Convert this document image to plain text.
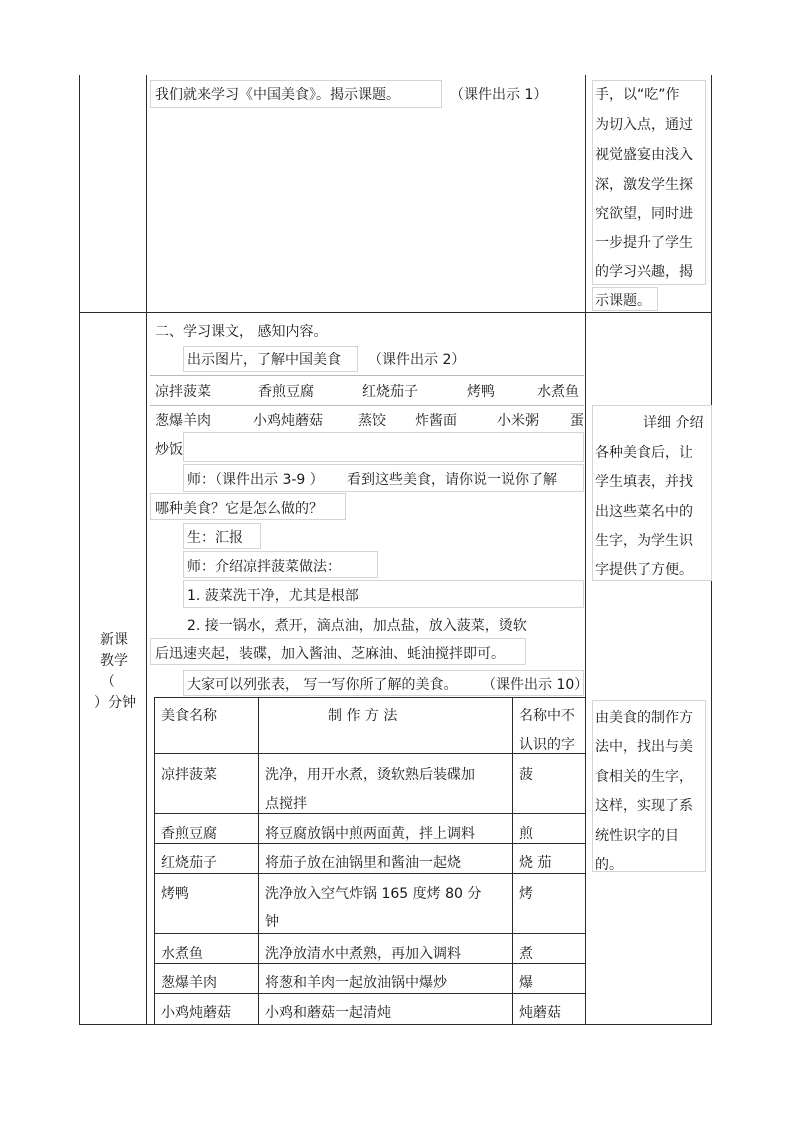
新课
教学
（
）分钟
我们就来学习《中国美食》。揭示课题。	（课件出示 1）	手，以“吃”作
为切入点，通过
视觉盛宴由浅入
深，激发学生探
究欲望，同时进
一步提升了学生
的学习兴趣，揭
示课题。
二、学习课文， 感知内容。
出示图片，了解中国美食 （课件出示 2）
凉拌菠菜	香煎豆腐	红烧茄子	烤鸭	水煮鱼
葱爆羊肉	小鸡炖蘑菇	蒸饺 炸酱面	小米粥 蛋
炒饭
师：（课件出示 3-9 ） 看到这些美食，请你说一说你了解
哪种美食？它是怎么做的？
生：汇报
师：介绍凉拌菠菜做法：
1. 菠菜洗干净，尤其是根部
2. 接一锅水，煮开，滴点油，加点盐，放入菠菜，烫软
后迅速夹起，装碟，加入酱油、芝麻油、蚝油搅拌即可。
大家可以列张表， 写一写你所了解的美食。 （课件出示 10）
详细 介绍
各种美食后，让
学生填表，并找
出这些菜名中的
生字，为学生识
字提供了方便。
由美食的制作方
法中，找出与美
食相关的生字，
这样，实现了系
统性识字的目
的。
美食名称	制 作 方 法	名称中不
认识的字
凉拌菠菜	洗净，用开水煮，烫软熟后装碟加
点搅拌
菠
香煎豆腐	将豆腐放锅中煎两面黄，拌上调料	煎
红烧茄子	将茄子放在油锅里和酱油一起烧	烧 茄
烤鸭	洗净放入空气炸锅 165 度烤 80 分
钟
烤
水煮鱼	洗净放清水中煮熟，再加入调料	煮
葱爆羊肉	将葱和羊肉一起放油锅中爆炒	爆
小鸡炖蘑菇 小鸡和蘑菇一起清炖	炖蘑菇
